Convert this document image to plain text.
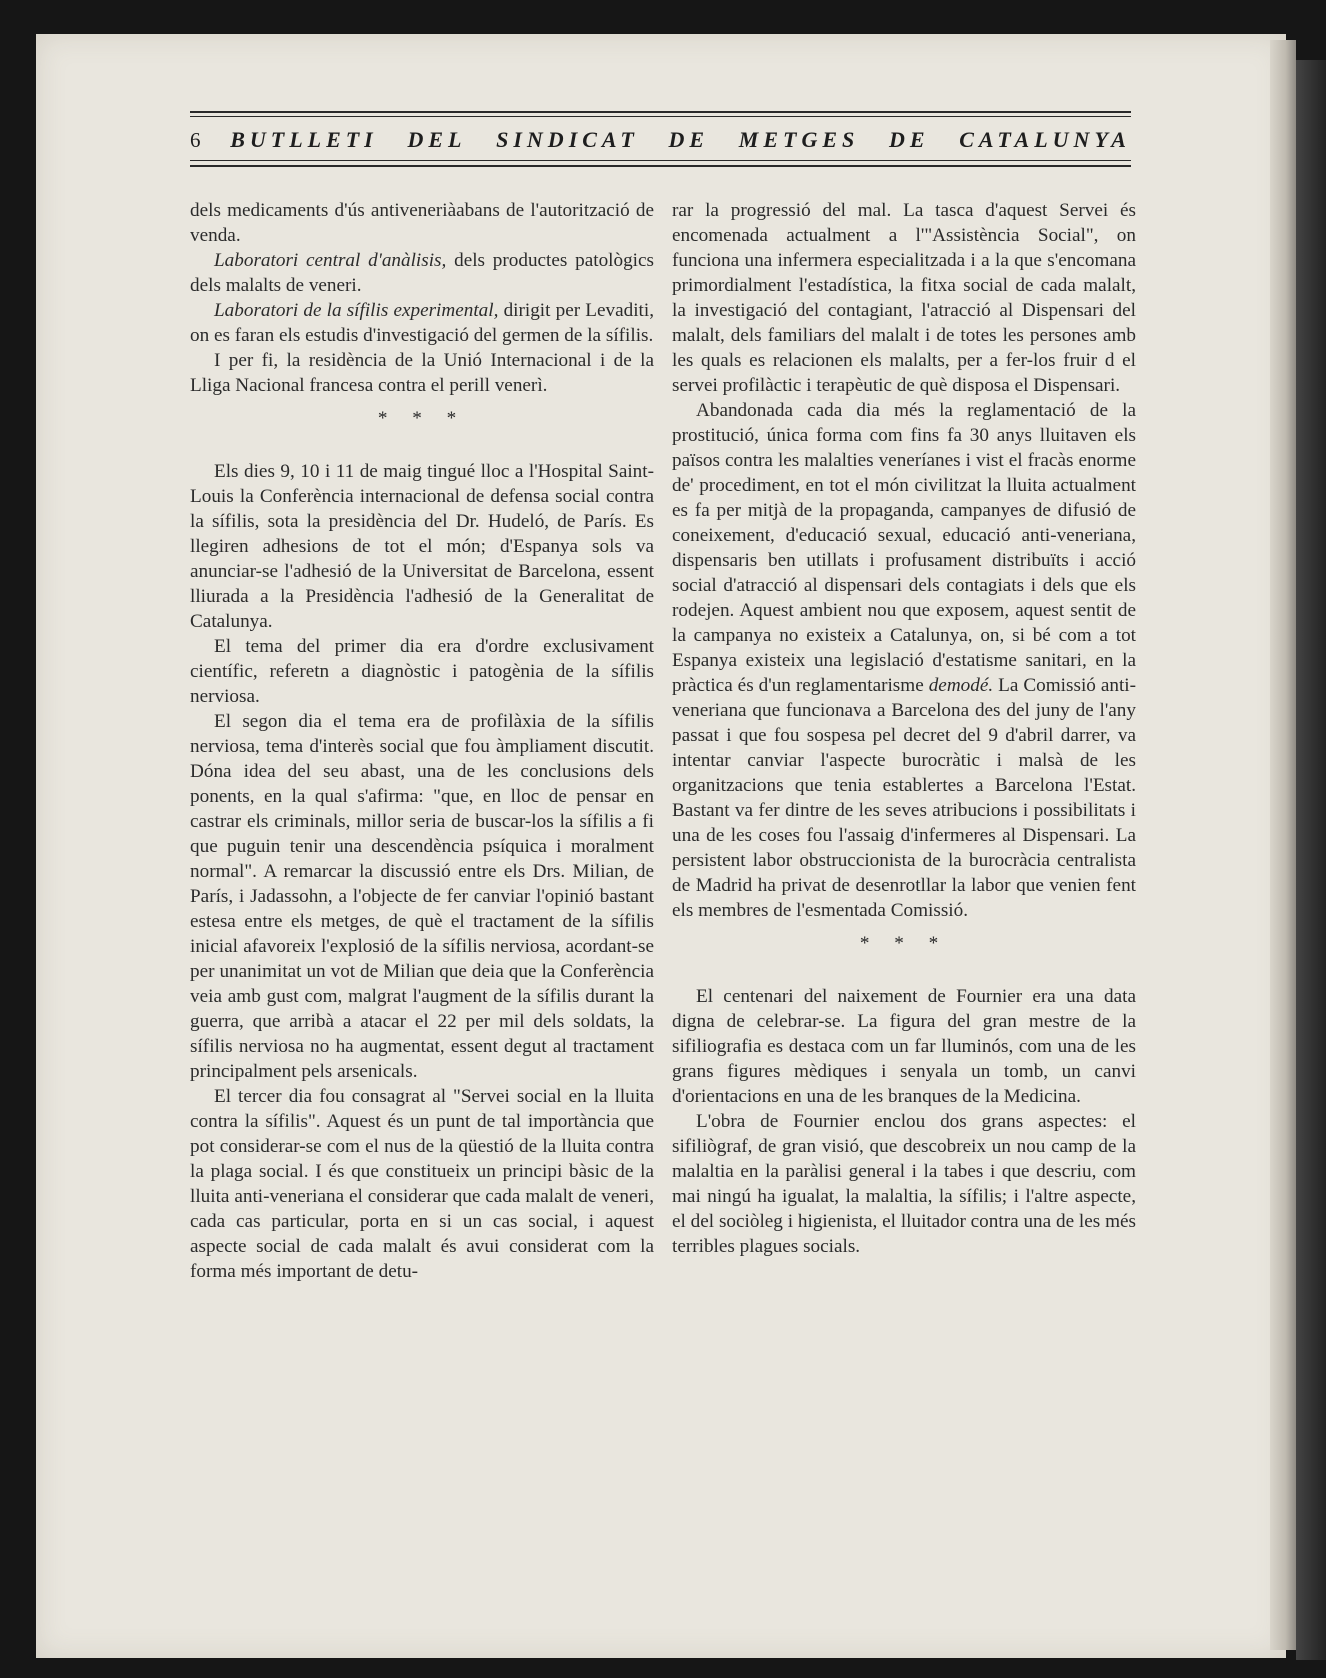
6 BUTLLETI DEL SINDICAT DE METGES DE CATALUNYA

dels medicaments d'ús antiveneriàabans de l'autorització de venda.

Laboratori central d'anàlisis, dels productes patològics dels malalts de veneri.

Laboratori de la sífilis experimental, dirigit per Levaditi, on es faran els estudis d'investigació del germen de la sífilis.

I per fi, la residència de la Unió Internacional i de la Lliga Nacional francesa contra el perill venerì.

* * *

Els dies 9, 10 i 11 de maig tingué lloc a l'Hospital Saint-Louis la Conferència internacional de defensa social contra la sífilis, sota la presidència del Dr. Hudeló, de París. Es llegiren adhesions de tot el món; d'Espanya sols va anunciar-se l'adhesió de la Universitat de Barcelona, essent lliurada a la Presidència l'adhesió de la Generalitat de Catalunya.

El tema del primer dia era d'ordre exclusivament científic, referetn a diagnòstic i patogènia de la sífilis nerviosa.

El segon dia el tema era de profilàxia de la sífilis nerviosa, tema d'interès social que fou àmpliament discutit. Dóna idea del seu abast, una de les conclusions dels ponents, en la qual s'afirma: "que, en lloc de pensar en castrar els criminals, millor seria de buscar-los la sífilis a fi que puguin tenir una descendència psíquica i moralment normal". A remarcar la discussió entre els Drs. Milian, de París, i Jadassohn, a l'objecte de fer canviar l'opinió bastant estesa entre els metges, de què el tractament de la sífilis inicial afavoreix l'explosió de la sífilis nerviosa, acordant-se per unanimitat un vot de Milian que deia que la Conferència veia amb gust com, malgrat l'augment de la sífilis durant la guerra, que arribà a atacar el 22 per mil dels soldats, la sífilis nerviosa no ha augmentat, essent degut al tractament principalment pels arsenicals.

El tercer dia fou consagrat al "Servei social en la lluita contra la sífilis". Aquest és un punt de tal importància que pot considerar-se com el nus de la qüestió de la lluita contra la plaga social. I és que constitueix un principi bàsic de la lluita anti-veneriana el considerar que cada malalt de veneri, cada cas particular, porta en si un cas social, i aquest aspecte social de cada malalt és avui considerat com la forma més important de detu-

rar la progressió del mal. La tasca d'aquest Servei és encomenada actualment a l'"Assistència Social", on funciona una infermera especialitzada i a la que s'encomana primordialment l'estadística, la fitxa social de cada malalt, la investigació del contagiant, l'atracció al Dispensari del malalt, dels familiars del malalt i de totes les persones amb les quals es relacionen els malalts, per a fer-los fruir d el servei profilàctic i terapèutic de què disposa el Dispensari.

Abandonada cada dia més la reglamentació de la prostitució, única forma com fins fa 30 anys lluitaven els països contra les malalties veneríanes i vist el fracàs enorme de' procediment, en tot el món civilitzat la lluita actualment es fa per mitjà de la propaganda, campanyes de difusió de coneixement, d'educació sexual, educació anti-veneriana, dispensaris ben utillats i profusament distribuïts i acció social d'atracció al dispensari dels contagiats i dels que els rodejen. Aquest ambient nou que exposem, aquest sentit de la campanya no existeix a Catalunya, on, si bé com a tot Espanya existeix una legislació d'estatisme sanitari, en la pràctica és d'un reglamentarisme demodé. La Comissió anti-veneriana que funcionava a Barcelona des del juny de l'any passat i que fou sospesa pel decret del 9 d'abril darrer, va intentar canviar l'aspecte burocràtic i malsà de les organitzacions que tenia establertes a Barcelona l'Estat. Bastant va fer dintre de les seves atribucions i possibilitats i una de les coses fou l'assaig d'infermeres al Dispensari. La persistent labor obstruccionista de la burocràcia centralista de Madrid ha privat de desenrotllar la labor que venien fent els membres de l'esmentada Comissió.

* * *

El centenari del naixement de Fournier era una data digna de celebrar-se. La figura del gran mestre de la sifiliografia es destaca com un far lluminós, com una de les grans figures mèdiques i senyala un tomb, un canvi d'orientacions en una de les branques de la Medicina.

L'obra de Fournier enclou dos grans aspectes: el sifiliògraf, de gran visió, que descobreix un nou camp de la malaltia en la paràlisi general i la tabes i que descriu, com mai ningú ha igualat, la malaltia, la sífilis; i l'altre aspecte, el del sociòleg i higienista, el lluitador contra una de les més terribles plagues socials.
